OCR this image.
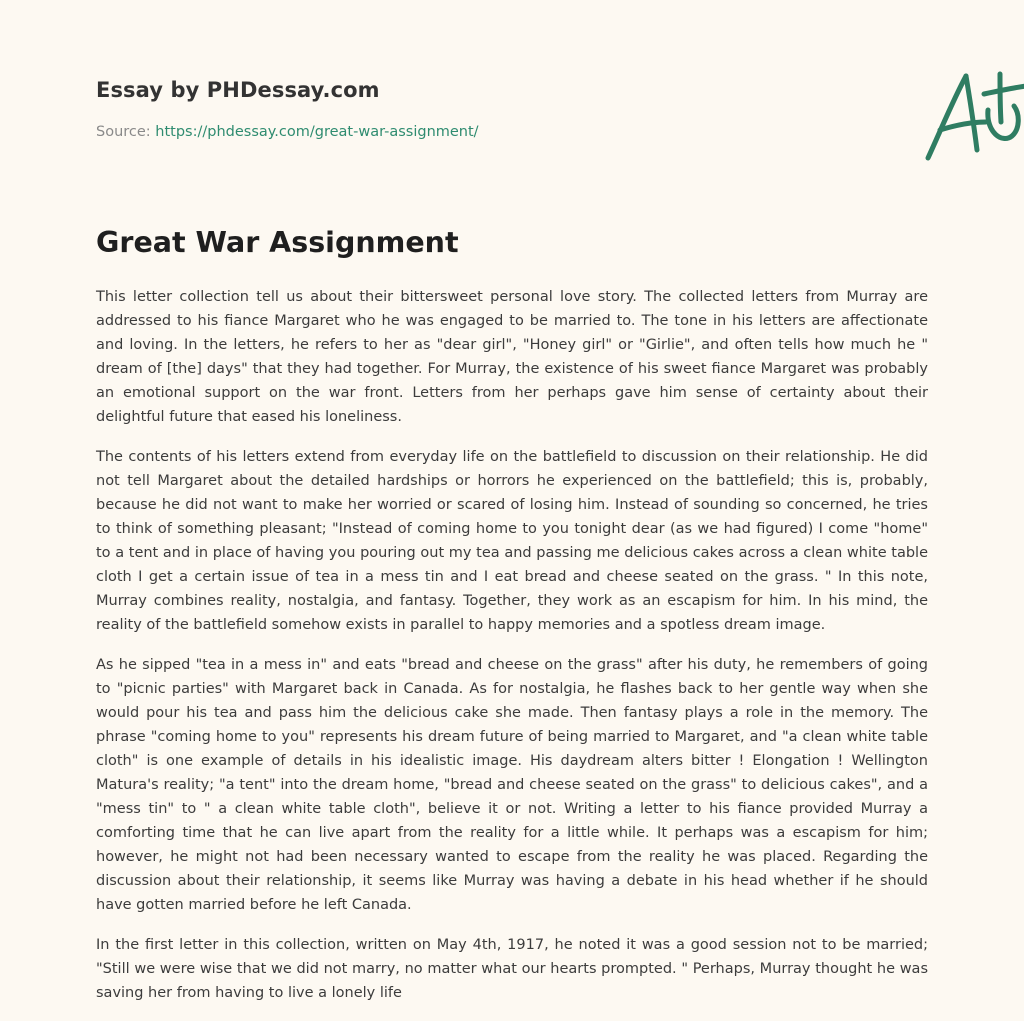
Essay by PHDessay.com
Source: https://phdessay.com/great-war-assignment/
Great War Assignment

This letter collection tell us about their bittersweet personal love story. The collected letters from Murray are addressed to his fiance Margaret who he was engaged to be married to. The tone in his letters are affectionate and loving. In the letters, he refers to her as "dear girl", "Honey girl" or "Girlie", and often tells how much he " dream of [the] days" that they had together. For Murray, the existence of his sweet fiance Margaret was probably an emotional support on the war front. Letters from her perhaps gave him sense of certainty about their delightful future that eased his loneliness.

The contents of his letters extend from everyday life on the battlefield to discussion on their relationship. He did not tell Margaret about the detailed hardships or horrors he experienced on the battlefield; this is, probably, because he did not want to make her worried or scared of losing him. Instead of sounding so concerned, he tries to think of something pleasant; "Instead of coming home to you tonight dear (as we had figured) I come "home" to a tent and in place of having you pouring out my tea and passing me delicious cakes across a clean white table cloth I get a certain issue of tea in a mess tin and I eat bread and cheese seated on the grass. " In this note, Murray combines reality, nostalgia, and fantasy. Together, they work as an escapism for him. In his mind, the reality of the battlefield somehow exists in parallel to happy memories and a spotless dream image.

As he sipped "tea in a mess in" and eats "bread and cheese on the grass" after his duty, he remembers of going to "picnic parties" with Margaret back in Canada. As for nostalgia, he flashes back to her gentle way when she would pour his tea and pass him the delicious cake she made. Then fantasy plays a role in the memory. The phrase "coming home to you" represents his dream future of being married to Margaret, and "a clean white table cloth" is one example of details in his idealistic image. His daydream alters bitter ! Elongation ! Wellington Matura's reality; "a tent" into the dream home, "bread and cheese seated on the grass" to delicious cakes", and a "mess tin" to " a clean white table cloth", believe it or not. Writing a letter to his fiance provided Murray a comforting time that he can live apart from the reality for a little while. It perhaps was a escapism for him; however, he might not had been necessary wanted to escape from the reality he was placed. Regarding the discussion about their relationship, it seems like Murray was having a debate in his head whether if he should have gotten married before he left Canada.

In the first letter in this collection, written on May 4th, 1917, he noted it was a good session not to be married; "Still we were wise that we did not marry, no matter what our hearts prompted. " Perhaps, Murray thought he was saving her from having to live a lonely life
